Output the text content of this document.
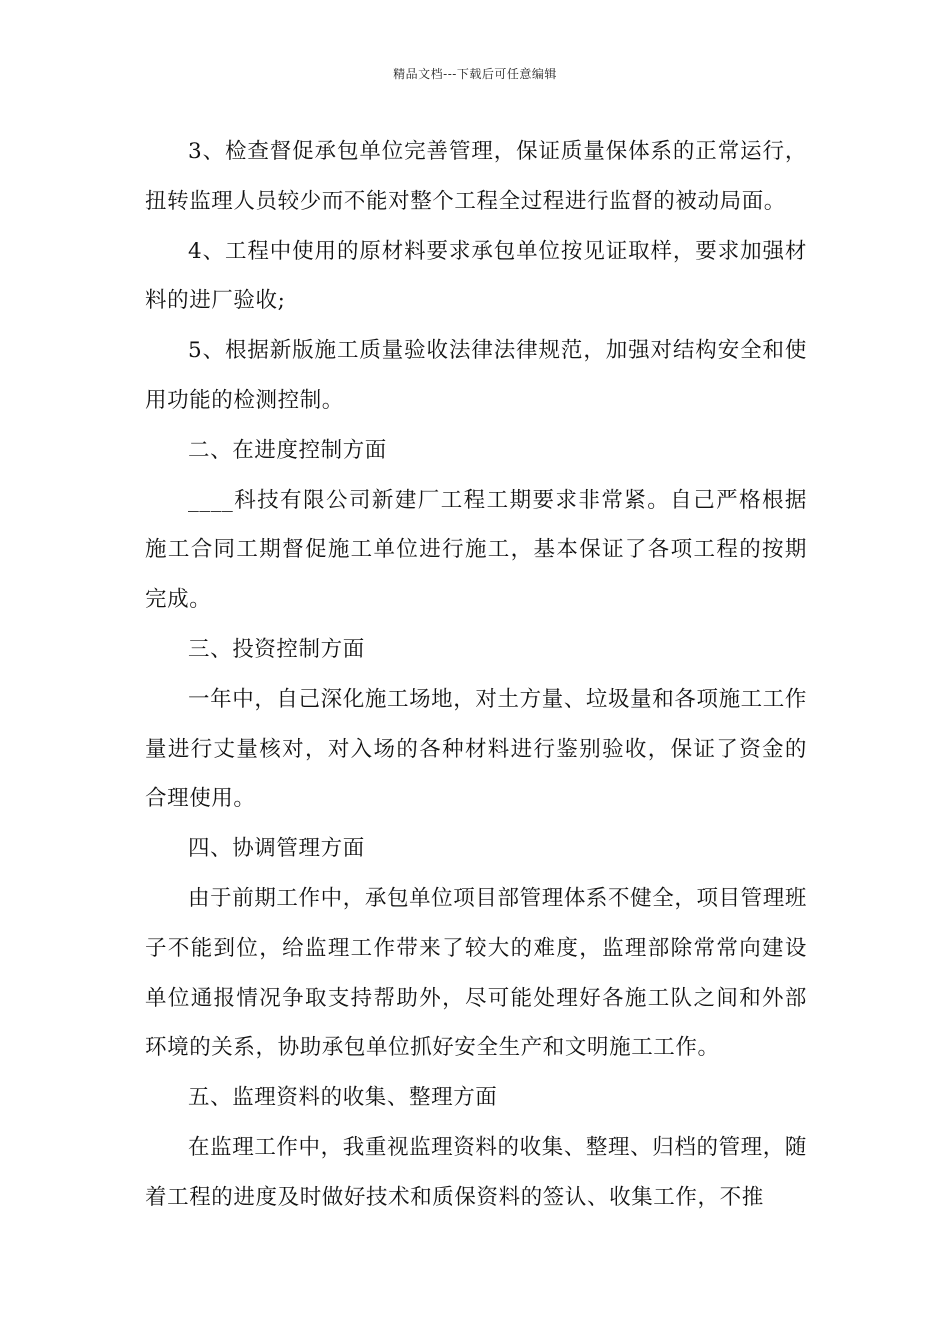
精品文档---下载后可任意编辑

3、检查督促承包单位完善管理，保证质量保体系的正常运行，扭转监理人员较少而不能对整个工程全过程进行监督的被动局面。

4、工程中使用的原材料要求承包单位按见证取样，要求加强材料的进厂验收;

5、根据新版施工质量验收法律法律规范，加强对结构安全和使用功能的检测控制。

二、在进度控制方面

____科技有限公司新建厂工程工期要求非常紧。自己严格根据施工合同工期督促施工单位进行施工，基本保证了各项工程的按期完成。

三、投资控制方面

一年中，自己深化施工场地，对土方量、垃圾量和各项施工工作量进行丈量核对，对入场的各种材料进行鉴别验收，保证了资金的合理使用。

四、协调管理方面

由于前期工作中，承包单位项目部管理体系不健全，项目管理班子不能到位，给监理工作带来了较大的难度，监理部除常常向建设单位通报情况争取支持帮助外，尽可能处理好各施工队之间和外部环境的关系，协助承包单位抓好安全生产和文明施工工作。

五、监理资料的收集、整理方面

在监理工作中，我重视监理资料的收集、整理、归档的管理，随着工程的进度及时做好技术和质保资料的签认、收集工作，不推
